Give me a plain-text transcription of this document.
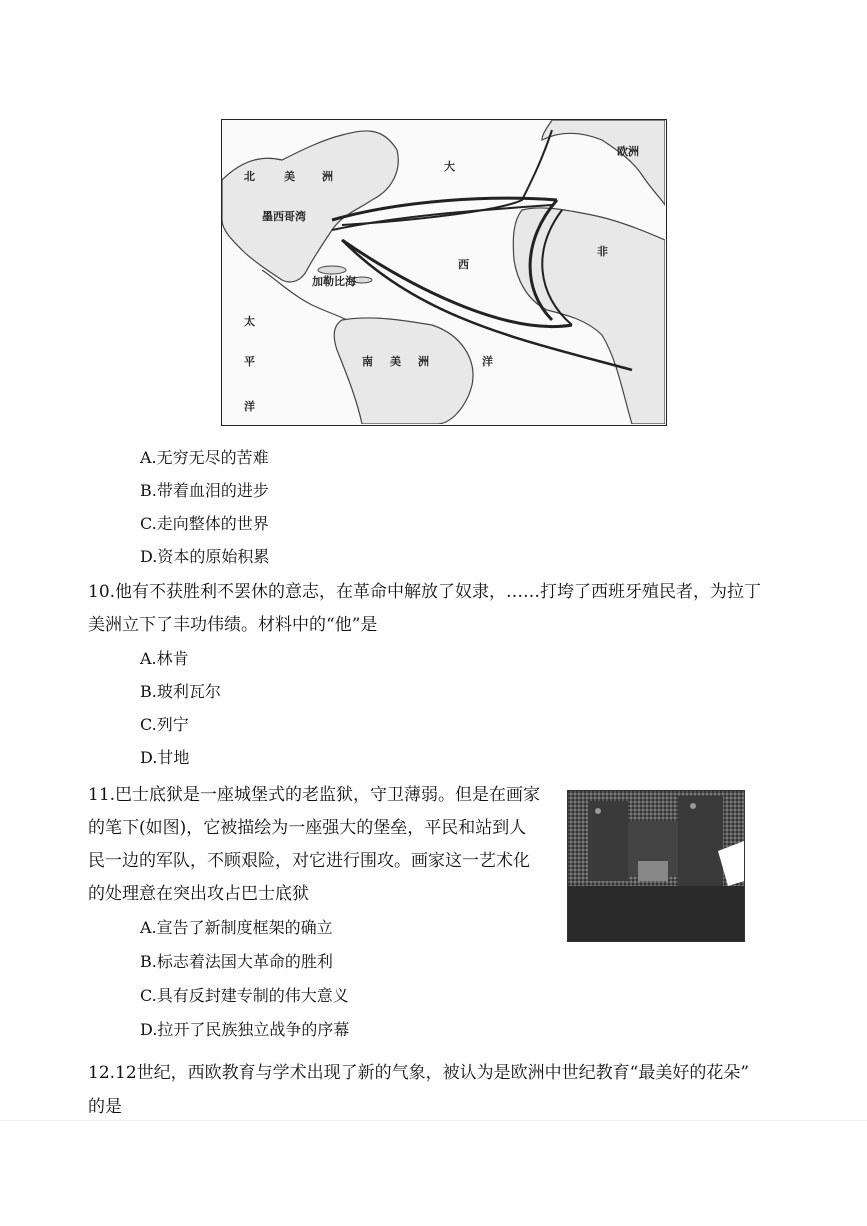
北	美 洲
大
西
欧洲
太
平
洋
南 美 洲	洋
非
墨西哥湾
加勒比海
A.无穷无尽的苦难
B.带着血泪的进步
C.走向整体的世界
D.资本的原始积累
10.他有不获胜利不罢休的意志，在革命中解放了奴隶，……打垮了西班牙殖民者，为拉丁
美洲立下了丰功伟绩。材料中的“他”是
A.林肯
B.玻利瓦尔
C.列宁
D.甘地
11.巴士底狱是一座城堡式的老监狱，守卫薄弱。但是在画家
的笔下(如图)，它被描绘为一座强大的堡垒，平民和站到人
民一边的军队，不顾艰险，对它进行围攻。画家这一艺术化
的处理意在突出攻占巴士底狱
A.宣告了新制度框架的确立
B.标志着法国大革命的胜利
C.具有反封建专制的伟大意义
D.拉开了民族独立战争的序幕
12.12世纪，西欧教育与学术出现了新的气象，被认为是欧洲中世纪教育“最美好的花朵”
的是
